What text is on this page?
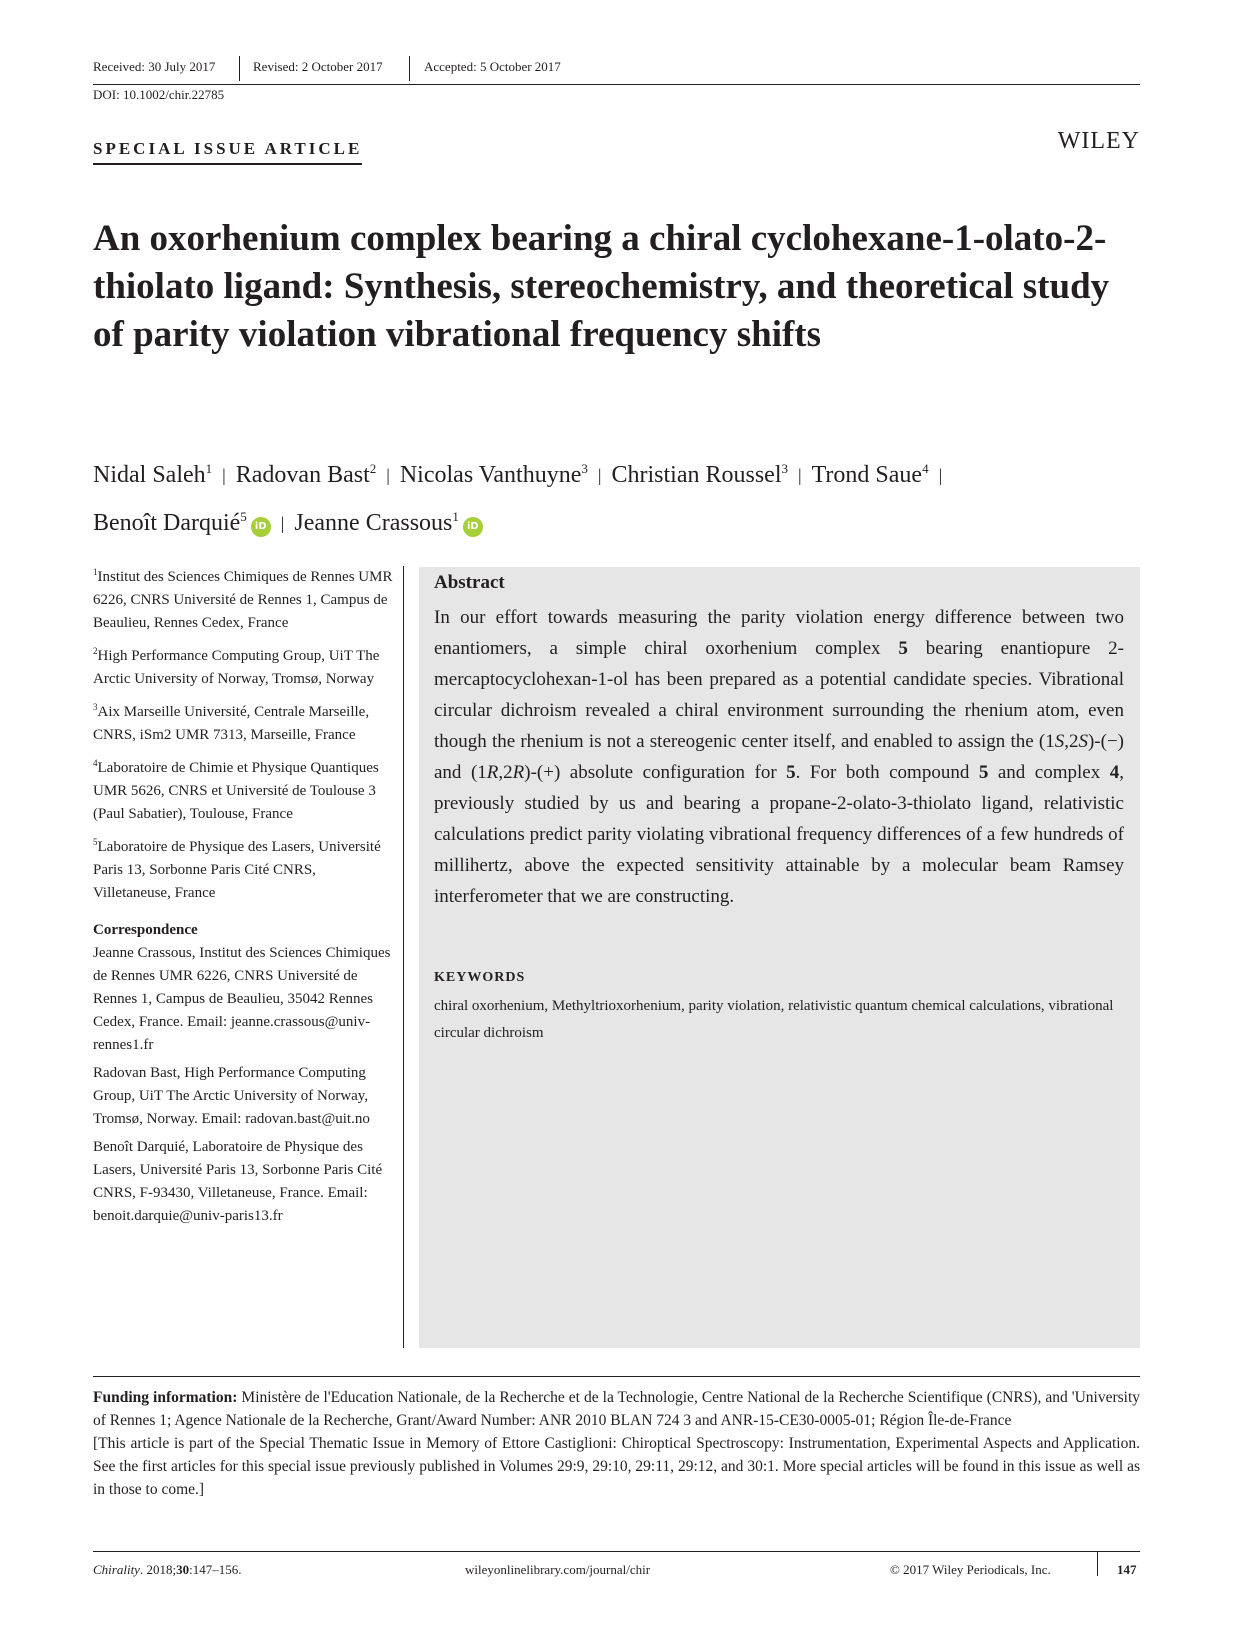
Received: 30 July 2017	Revised: 2 October 2017	Accepted: 5 October 2017
DOI: 10.1002/chir.22785
SPECIAL ISSUE ARTICLE	WILEY
An oxorhenium complex bearing a chiral cyclohexane-1-olato-2-thiolato ligand: Synthesis, stereochemistry, and theoretical study of parity violation vibrational frequency shifts
Nidal Saleh$^1$ | Radovan Bast$^2$ | Nicolas Vanthuyne$^3$ | Christian Roussel$^3$ | Trond Saue$^4$ |
Benoît Darquié$^5$iD | Jeanne Crassous$^1$iD
$^1$Institut des Sciences Chimiques de Rennes UMR 6226, CNRS Université de Rennes 1, Campus de Beaulieu, Rennes Cedex, France
$^2$High Performance Computing Group, UiT The Arctic University of Norway, Tromsø, Norway
$^3$Aix Marseille Université, Centrale Marseille, CNRS, iSm2 UMR 7313, Marseille, France
$^4$Laboratoire de Chimie et Physique Quantiques UMR 5626, CNRS et Université de Toulouse 3 (Paul Sabatier), Toulouse, France
$^5$Laboratoire de Physique des Lasers, Université Paris 13, Sorbonne Paris Cité CNRS, Villetaneuse, France
Correspondence
Jeanne Crassous, Institut des Sciences Chimiques de Rennes UMR 6226, CNRS Université de Rennes 1, Campus de Beaulieu, 35042 Rennes Cedex, France. Email: jeanne.crassous@univ-rennes1.fr
Radovan Bast, High Performance Computing Group, UiT The Arctic University of Norway, Tromsø, Norway. Email: radovan.bast@uit.no
Benoît Darquié, Laboratoire de Physique des Lasers, Université Paris 13, Sorbonne Paris Cité CNRS, F-93430, Villetaneuse, France. Email: benoit.darquie@univ-paris13.fr
Abstract
In our effort towards measuring the parity violation energy difference between two enantiomers, a simple chiral oxorhenium complex 5 bearing enantiopure 2-mercaptocyclohexan-1-ol has been prepared as a potential candidate species. Vibrational circular dichroism revealed a chiral environment surrounding the rhenium atom, even though the rhenium is not a stereogenic center itself, and enabled to assign the (1S,2S)-(−) and (1R,2R)-(+) absolute configuration for 5. For both compound 5 and complex 4, previously studied by us and bearing a propane-2-olato-3-thiolato ligand, relativistic calculations predict parity violating vibrational frequency differences of a few hundreds of millihertz, above the expected sensitivity attainable by a molecular beam Ramsey interferometer that we are constructing.
KEYWORDS
chiral oxorhenium, Methyltrioxorhenium, parity violation, relativistic quantum chemical calculations, vibrational circular dichroism
Funding information: Ministère de l'Education Nationale, de la Recherche et de la Technologie, Centre National de la Recherche Scientifique (CNRS), and 'University of Rennes 1; Agence Nationale de la Recherche, Grant/Award Number: ANR 2010 BLAN 724 3 and ANR-15-CE30-0005-01; Région Île-de-France
[This article is part of the Special Thematic Issue in Memory of Ettore Castiglioni: Chiroptical Spectroscopy: Instrumentation, Experimental Aspects and Application. See the first articles for this special issue previously published in Volumes 29:9, 29:10, 29:11, 29:12, and 30:1. More special articles will be found in this issue as well as in those to come.]
Chirality. 2018;30:147–156.	wileyonlinelibrary.com/journal/chir	© 2017 Wiley Periodicals, Inc.	147
